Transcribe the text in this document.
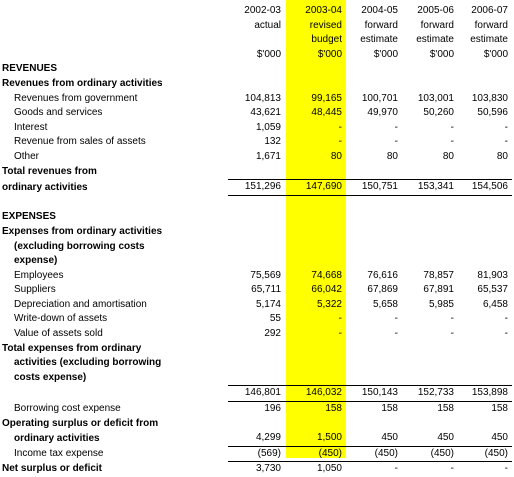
	2002-03	2003-04	2004-05	2005-06	2006-07
	actual	revised	forward	forward	forward
		budget	estimate	estimate	estimate
	$'000	$'000	$'000	$'000	$'000
REVENUES					
Revenues from ordinary activities					
Revenues from government	104,813	99,165	100,701	103,001	103,830
Goods and services	43,621	48,445	49,970	50,260	50,596
Interest	1,059	-	-	-	-
Revenue from sales of assets	132	-	-	-	-
Other	1,671	80	80	80	80
Total revenues from					
ordinary activities	151,296	147,690	150,751	153,341	154,506

EXPENSES					
Expenses from ordinary activities					
(excluding borrowing costs					
expense)					
Employees	75,569	74,668	76,616	78,857	81,903
Suppliers	65,711	66,042	67,869	67,891	65,537
Depreciation and amortisation	5,174	5,322	5,658	5,985	6,458
Write-down of assets	55	-	-	-	-
Value of assets sold	292	-	-	-	-
Total expenses from ordinary					
activities (excluding borrowing					
costs expense)					
	146,801	146,032	150,143	152,733	153,898
Borrowing cost expense	196	158	158	158	158
Operating surplus or deficit from					
ordinary activities	4,299	1,500	450	450	450
Income tax expense	(569)	(450)	(450)	(450)	(450)
Net surplus or deficit	3,730	1,050	-	-	-
